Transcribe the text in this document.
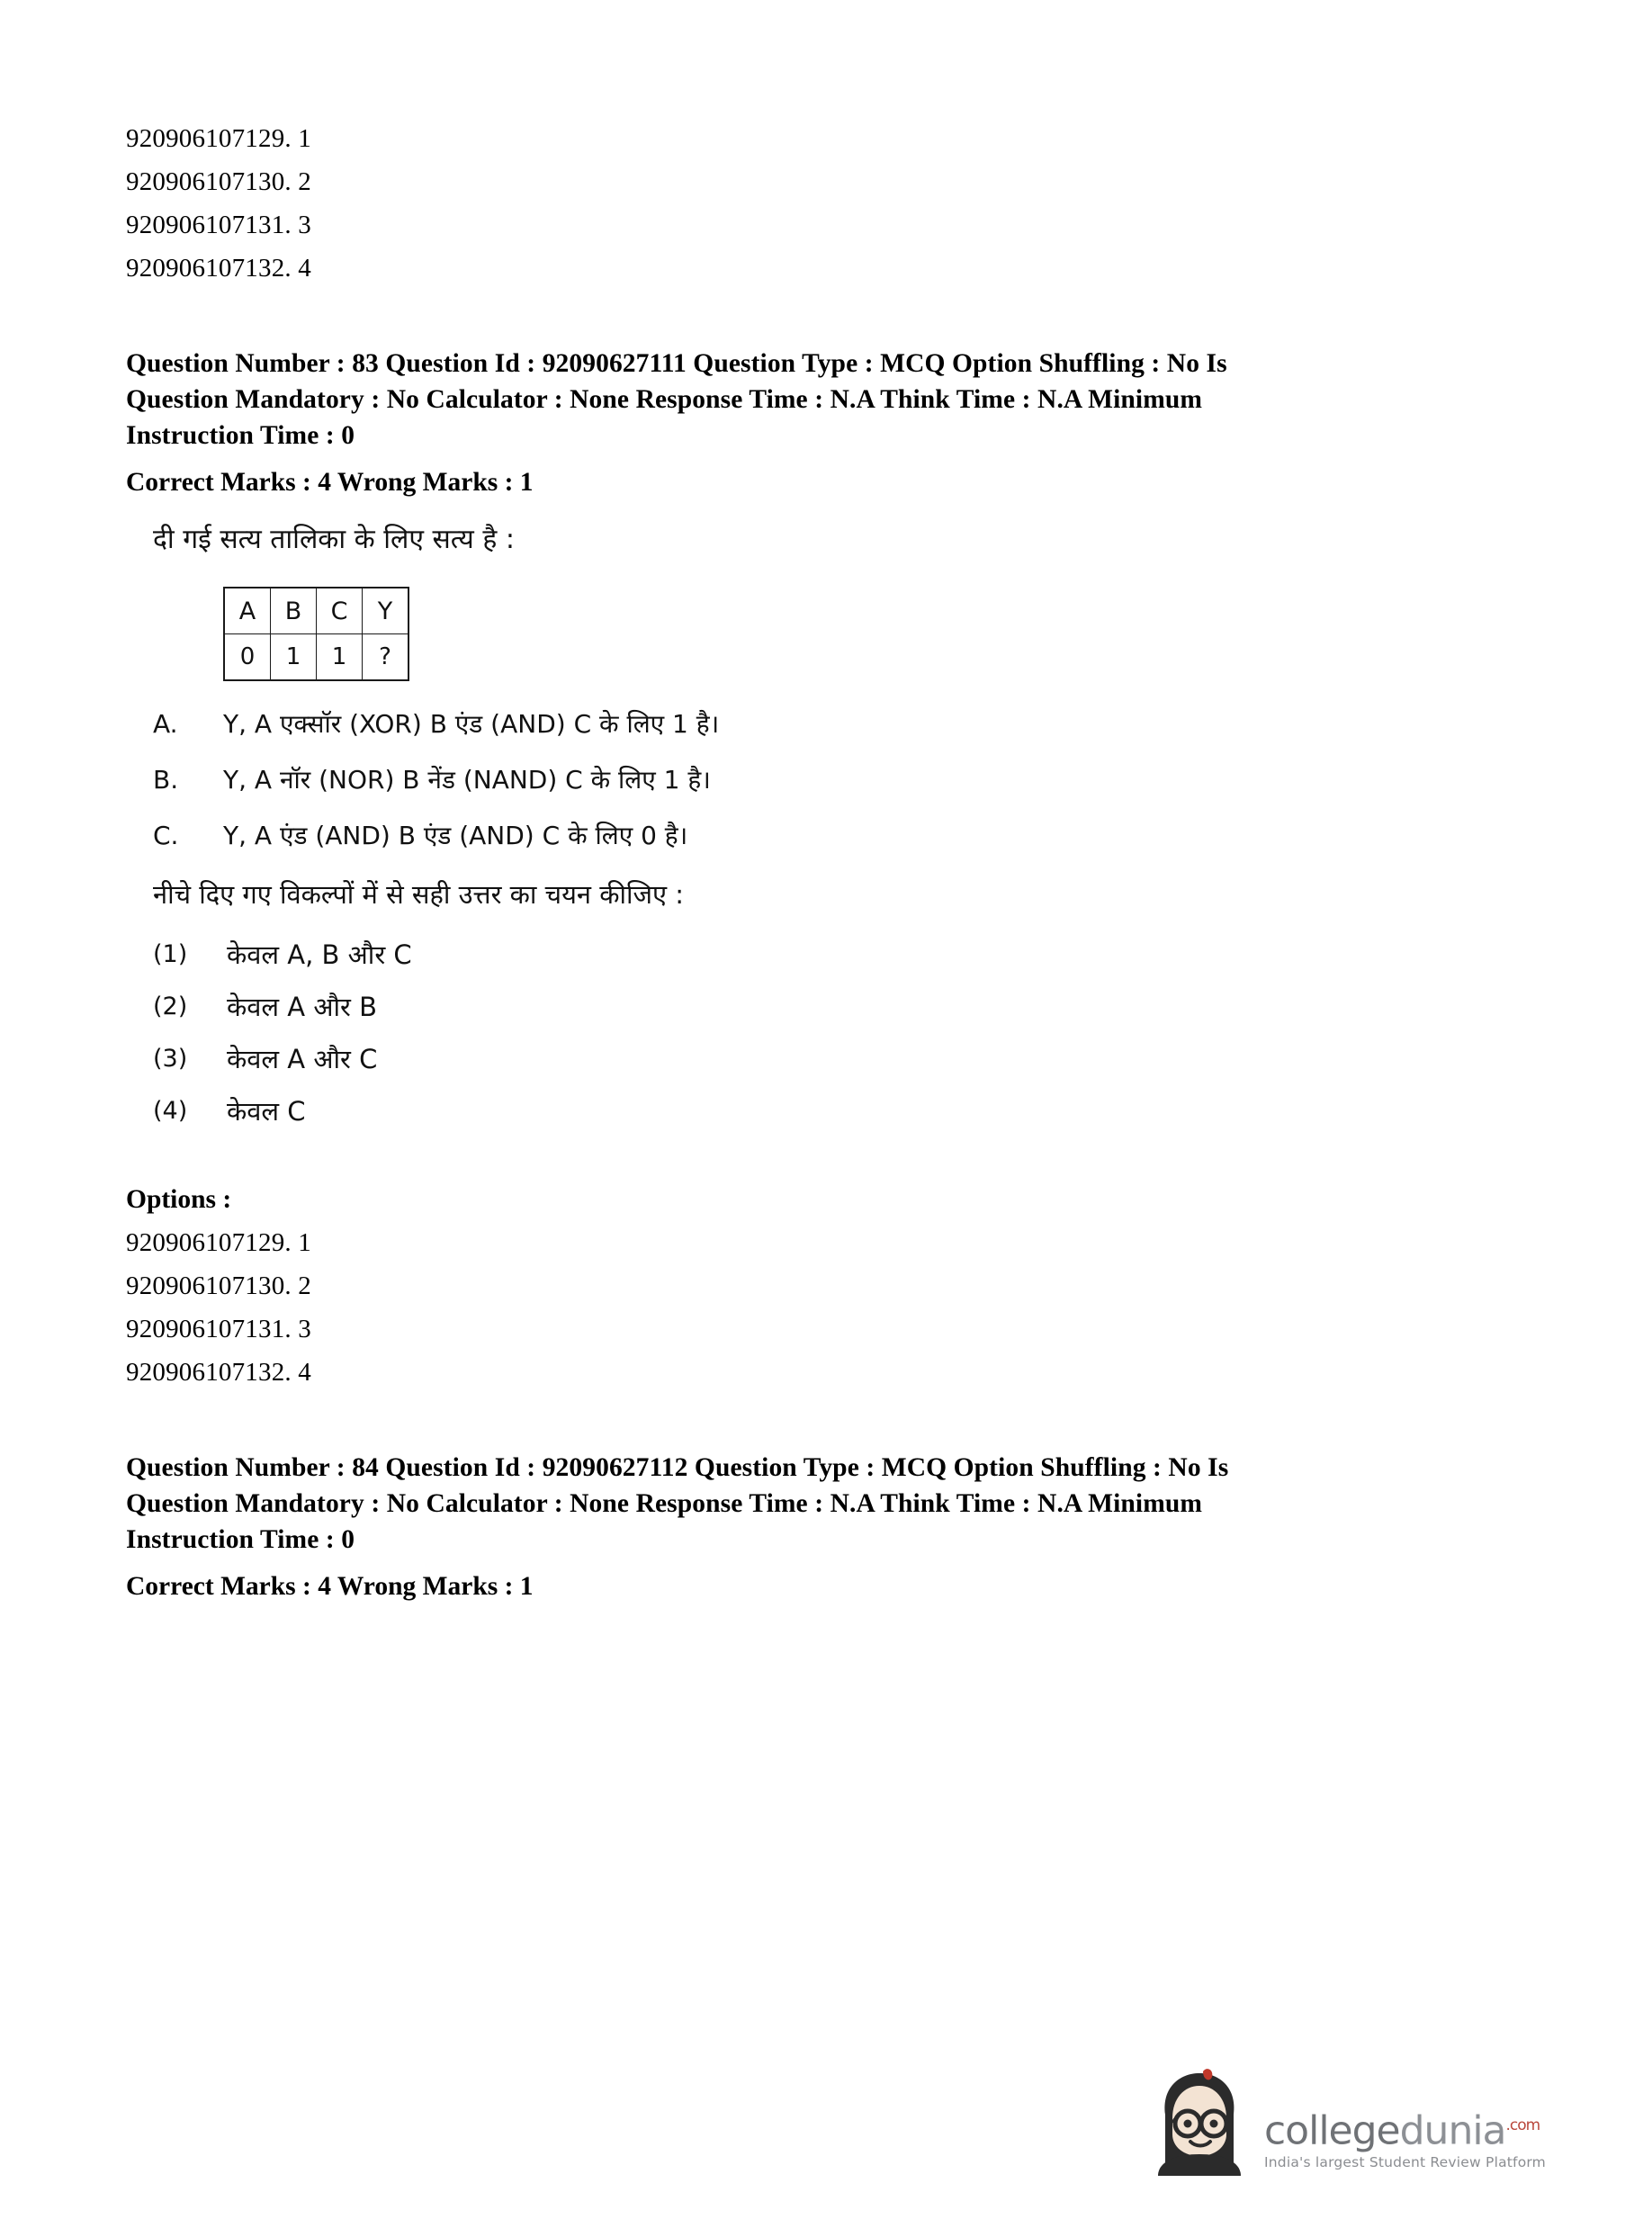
920906107129. 1
920906107130. 2
920906107131. 3
920906107132. 4
Question Number : 83 Question Id : 92090627111 Question Type : MCQ Option Shuffling : No Is
Question Mandatory : No Calculator : None Response Time : N.A Think Time : N.A Minimum
Instruction Time : 0
Correct Marks : 4 Wrong Marks : 1
दी गई सत्य तालिका के लिए सत्य है :
A	B	C	Y
0	1	1	?
A.	Y, A एक्सॉर (XOR) B एंड (AND) C के लिए 1 है।
B.	Y, A नॉर (NOR) B नेंड (NAND) C के लिए 1 है।
C.	Y, A एंड (AND) B एंड (AND) C के लिए 0 है।
नीचे दिए गए विकल्पों में से सही उत्तर का चयन कीजिए :
(1)	केवल A, B और C
(2)	केवल A और B
(3)	केवल A और C
(4)	केवल C
Options :
920906107129. 1
920906107130. 2
920906107131. 3
920906107132. 4
Question Number : 84 Question Id : 92090627112 Question Type : MCQ Option Shuffling : No Is
Question Mandatory : No Calculator : None Response Time : N.A Think Time : N.A Minimum
Instruction Time : 0
Correct Marks : 4 Wrong Marks : 1
collegedunia$^{.com}$
India's largest Student Review Platform
